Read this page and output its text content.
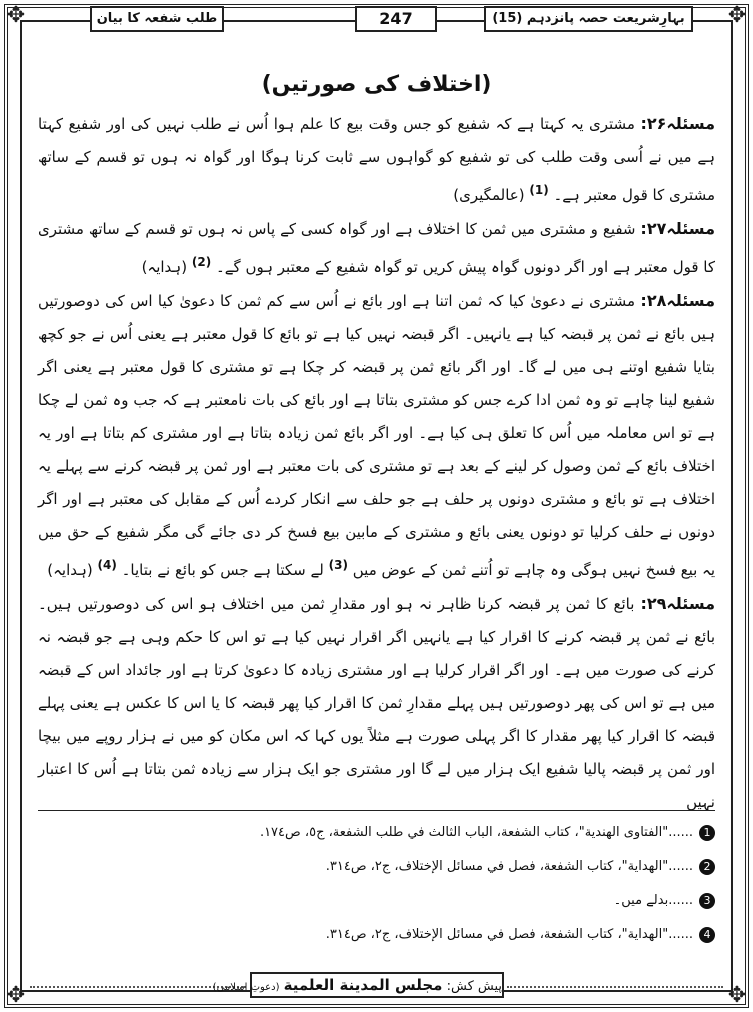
✥	✥
✥	✥
بہارِشریعت حصہ پانزدہم (15)
247
طلب شفعہ کا بیان
(اختلاف کی صورتیں)

مسئلہ۲۶: مشتری یہ کہتا ہے کہ شفیع کو جس وقت بیع کا علم ہوا اُس نے طلب نہیں کی اور شفیع کہتا ہے میں نے اُسی وقت طلب کی تو شفیع کو گواہوں سے ثابت کرنا ہوگا اور گواہ نہ ہوں تو قسم کے ساتھ مشتری کا قول معتبر ہے۔ $^{(1)}$ (عالمگیری)

مسئلہ۲۷: شفیع و مشتری میں ثمن کا اختلاف ہے اور گواہ کسی کے پاس نہ ہوں تو قسم کے ساتھ مشتری کا قول معتبر ہے اور اگر دونوں گواہ پیش کریں تو گواہ شفیع کے معتبر ہوں گے۔ $^{(2)}$ (ہدایہ)

مسئلہ۲۸: مشتری نے دعویٰ کیا کہ ثمن اتنا ہے اور بائع نے اُس سے کم ثمن کا دعویٰ کیا اس کی دوصورتیں ہیں بائع نے ثمن پر قبضہ کیا ہے یانہیں۔ اگر قبضہ نہیں کیا ہے تو بائع کا قول معتبر ہے یعنی اُس نے جو کچھ بتایا شفیع اوتنے ہی میں لے گا۔ اور اگر بائع ثمن پر قبضہ کر چکا ہے تو مشتری کا قول معتبر ہے یعنی اگر شفیع لینا چاہے تو وہ ثمن ادا کرے جس کو مشتری بتاتا ہے اور بائع کی بات نامعتبر ہے کہ جب وہ ثمن لے چکا ہے تو اس معاملہ میں اُس کا تعلق ہی کیا ہے۔ اور اگر بائع ثمن زیادہ بتاتا ہے اور مشتری کم بتاتا ہے اور یہ اختلاف بائع کے ثمن وصول کر لینے کے بعد ہے تو مشتری کی بات معتبر ہے اور ثمن پر قبضہ کرنے سے پہلے یہ اختلاف ہے تو بائع و مشتری دونوں پر حلف ہے جو حلف سے انکار کردے اُس کے مقابل کی معتبر ہے اور اگر دونوں نے حلف کرلیا تو دونوں یعنی بائع و مشتری کے مابین بیع فسخ کر دی جائے گی مگر شفیع کے حق میں یہ بیع فسخ نہیں ہوگی وہ چاہے تو اُتنے ثمن کے عوض میں $^{(3)}$ لے سکتا ہے جس کو بائع نے بتایا۔ $^{(4)}$ (ہدایہ)

مسئلہ۲۹: بائع کا ثمن پر قبضہ کرنا ظاہر نہ ہو اور مقدارِ ثمن میں اختلاف ہو اس کی دوصورتیں ہیں۔ بائع نے ثمن پر قبضہ کرنے کا اقرار کیا ہے یانہیں اگر اقرار نہیں کیا ہے تو اس کا حکم وہی ہے جو قبضہ نہ کرنے کی صورت میں ہے۔ اور اگر اقرار کرلیا ہے اور مشتری زیادہ کا دعویٰ کرتا ہے اور جائداد اس کے قبضہ میں ہے تو اس کی پھر دوصورتیں ہیں پہلے مقدارِ ثمن کا اقرار کیا پھر قبضہ کا یا اس کا عکس ہے یعنی پہلے قبضہ کا اقرار کیا پھر مقدار کا اگر پہلی صورت ہے مثلاً یوں کہا کہ اس مکان کو میں نے ہزار روپے میں بیچا اور ثمن پر قبضہ پالیا شفیع ایک ہزار میں لے گا اور مشتری جو ایک ہزار سے زیادہ ثمن بتاتا ہے اُس کا اعتبار نہیں

1
......"الفتاوى الهندية"، كتاب الشفعة، الباب الثالث في طلب الشفعة، ج٥، ص١٧٤.
2
......"الهداية"، كتاب الشفعة، فصل في مسائل الإختلاف، ج٢، ص٣١٤.
3
......بدلے میں۔
4
......"الهداية"، كتاب الشفعة، فصل في مسائل الإختلاف، ج٢، ص٣١٤.
پیش کش: مجلس المدينة العلمية (دعوتِ اسلامی)
